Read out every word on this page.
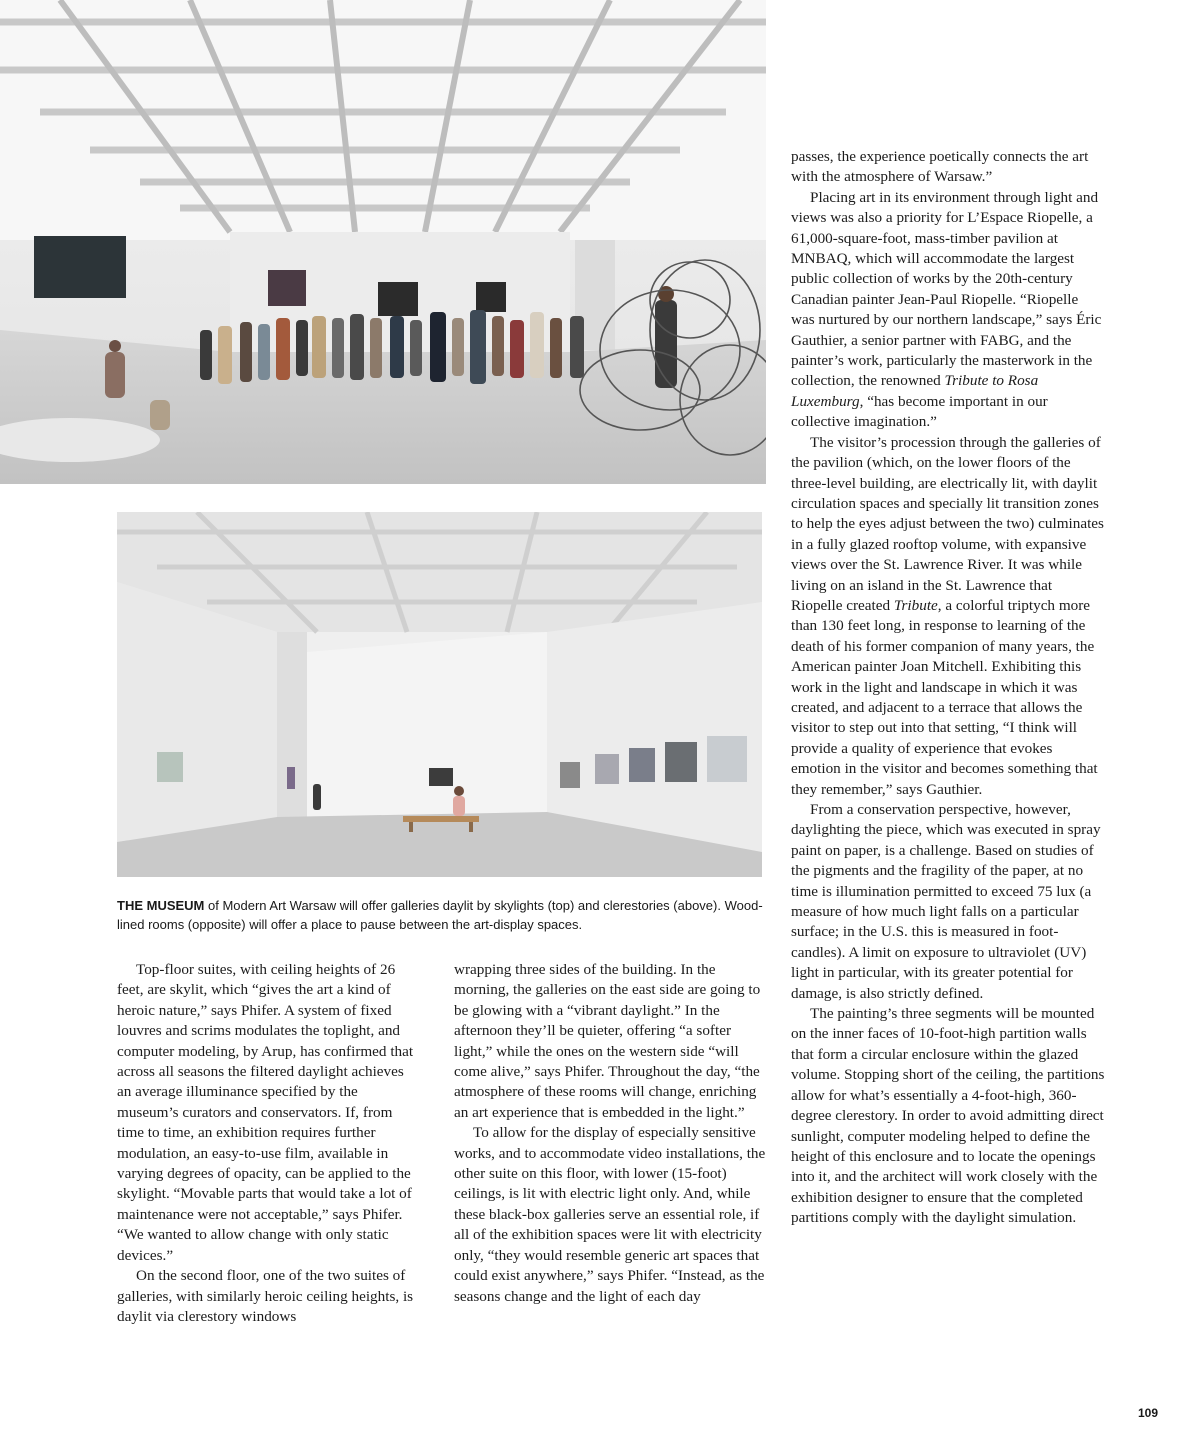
THE MUSEUM of Modern Art Warsaw will offer galleries daylit by skylights (top) and clerestories (above). Wood-lined rooms (opposite) will offer a place to pause between the art-display spaces.

Top-floor suites, with ceiling heights of 26 feet, are skylit, which “gives the art a kind of heroic nature,” says Phifer. A system of fixed louvres and scrims modulates the toplight, and computer modeling, by Arup, has confirmed that across all seasons the filtered daylight achieves an average illuminance specified by the museum’s curators and conservators. If, from time to time, an exhibition requires further modulation, an easy-to-use film, available in varying degrees of opacity, can be applied to the skylight. “Movable parts that would take a lot of maintenance were not acceptable,” says Phifer. “We wanted to allow change with only static devices.”

On the second floor, one of the two suites of galleries, with similarly heroic ceiling heights, is daylit via clerestory windows

wrapping three sides of the building. In the morning, the galleries on the east side are going to be glowing with a “vibrant daylight.” In the afternoon they’ll be quieter, offering “a softer light,” while the ones on the western side “will come alive,” says Phifer. Throughout the day, “the atmosphere of these rooms will change, enriching an art experience that is embedded in the light.”

To allow for the display of especially sensitive works, and to accommodate video installations, the other suite on this floor, with lower (15-foot) ceilings, is lit with electric light only. And, while these black-box galleries serve an essential role, if all of the exhibition spaces were lit with electricity only, “they would resemble generic art spaces that could exist anywhere,” says Phifer. “Instead, as the seasons change and the light of each day

passes, the experience poetically connects the art with the atmosphere of Warsaw.”

Placing art in its environment through light and views was also a priority for L’Espace Riopelle, a 61,000-square-foot, mass-timber pavilion at MNBAQ, which will accommodate the largest public collection of works by the 20th-century Canadian painter Jean-Paul Riopelle. “Riopelle was nurtured by our northern landscape,” says Éric Gauthier, a senior partner with FABG, and the painter’s work, particularly the masterwork in the collection, the renowned Tribute to Rosa Luxemburg, “has become important in our collective imagination.”

The visitor’s procession through the galleries of the pavilion (which, on the lower floors of the three-level building, are electrically lit, with daylit circulation spaces and specially lit transition zones to help the eyes adjust between the two) culminates in a fully glazed rooftop volume, with expansive views over the St. Lawrence River. It was while living on an island in the St. Lawrence that Riopelle created Tribute, a colorful triptych more than 130 feet long, in response to learning of the death of his former companion of many years, the American painter Joan Mitchell. Exhibiting this work in the light and landscape in which it was created, and adjacent to a terrace that allows the visitor to step out into that setting, “I think will provide a quality of experience that evokes emotion in the visitor and becomes something that they remember,” says Gauthier.

From a conservation perspective, however, daylighting the piece, which was executed in spray paint on paper, is a challenge. Based on studies of the pigments and the fragility of the paper, at no time is illumination permitted to exceed 75 lux (a measure of how much light falls on a particular surface; in the U.S. this is measured in foot-candles). A limit on exposure to ultraviolet (UV) light in particular, with its greater potential for damage, is also strictly defined.

The painting’s three segments will be mounted on the inner faces of 10-foot-high partition walls that form a circular enclosure within the glazed volume. Stopping short of the ceiling, the partitions allow for what’s essentially a 4-foot-high, 360-degree clerestory. In order to avoid admitting direct sunlight, computer modeling helped to define the height of this enclosure and to locate the openings into it, and the architect will work closely with the exhibition designer to ensure that the completed partitions comply with the daylight simulation.

109
